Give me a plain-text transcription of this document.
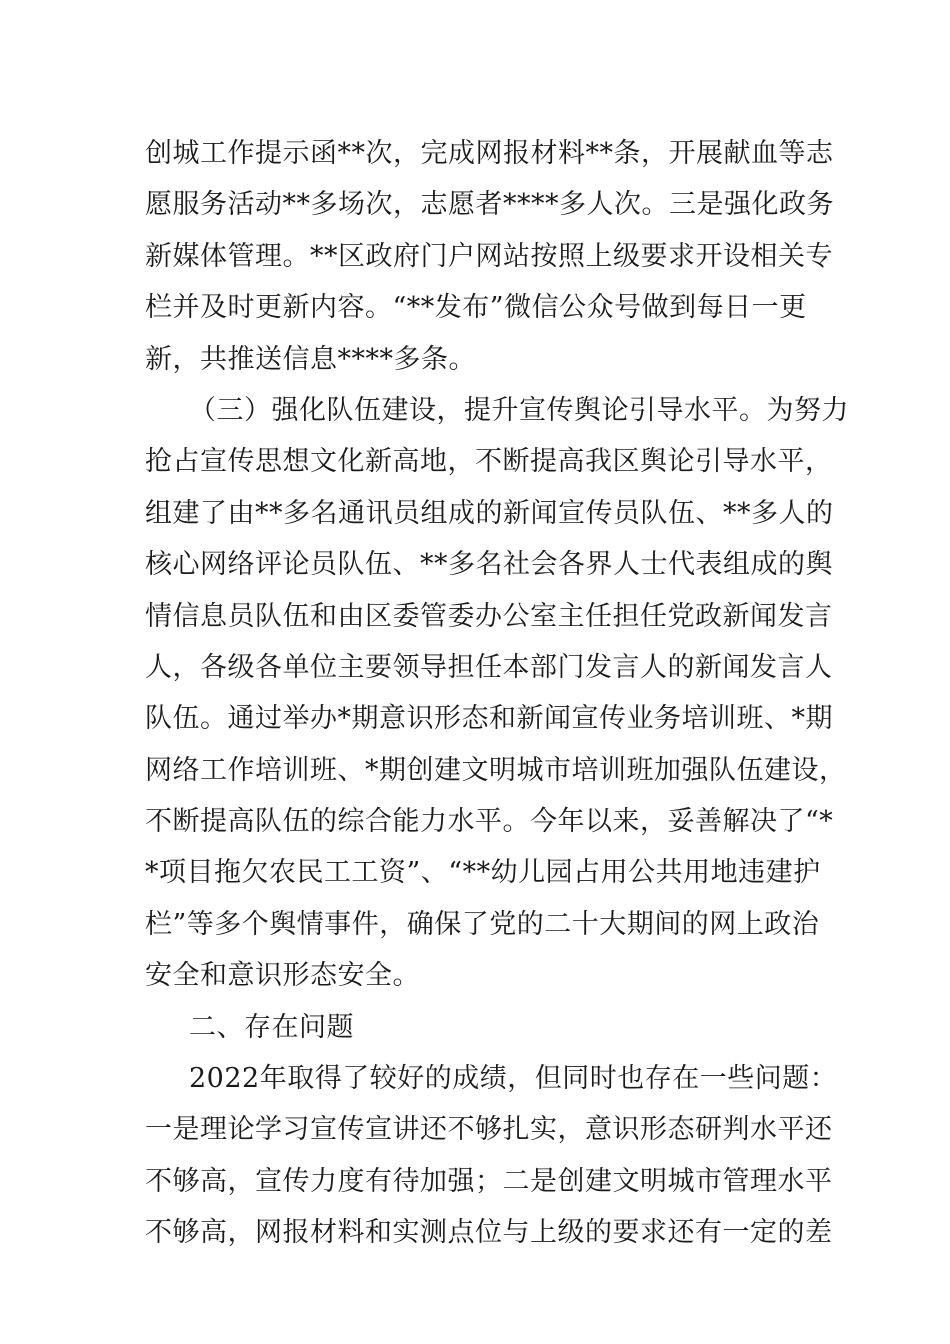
创城工作提示函**次，完成网报材料**条，开展献血等志
愿服务活动**多场次，志愿者****多人次。三是强化政务
新媒体管理。**区政府门户网站按照上级要求开设相关专
栏并及时更新内容。“**发布”微信公众号做到每日一更
新，共推送信息****多条。
（三）强化队伍建设，提升宣传舆论引导水平。为努力
抢占宣传思想文化新高地，不断提高我区舆论引导水平，
组建了由**多名通讯员组成的新闻宣传员队伍、**多人的
核心网络评论员队伍、**多名社会各界人士代表组成的舆
情信息员队伍和由区委管委办公室主任担任党政新闻发言
人，各级各单位主要领导担任本部门发言人的新闻发言人
队伍。通过举办*期意识形态和新闻宣传业务培训班、*期
网络工作培训班、*期创建文明城市培训班加强队伍建设，
不断提高队伍的综合能力水平。今年以来，妥善解决了“*
*项目拖欠农民工工资”、“**幼儿园占用公共用地违建护
栏”等多个舆情事件，确保了党的二十大期间的网上政治
安全和意识形态安全。
二、存在问题
2022年取得了较好的成绩，但同时也存在一些问题：
一是理论学习宣传宣讲还不够扎实，意识形态研判水平还
不够高，宣传力度有待加强；二是创建文明城市管理水平
不够高，网报材料和实测点位与上级的要求还有一定的差
